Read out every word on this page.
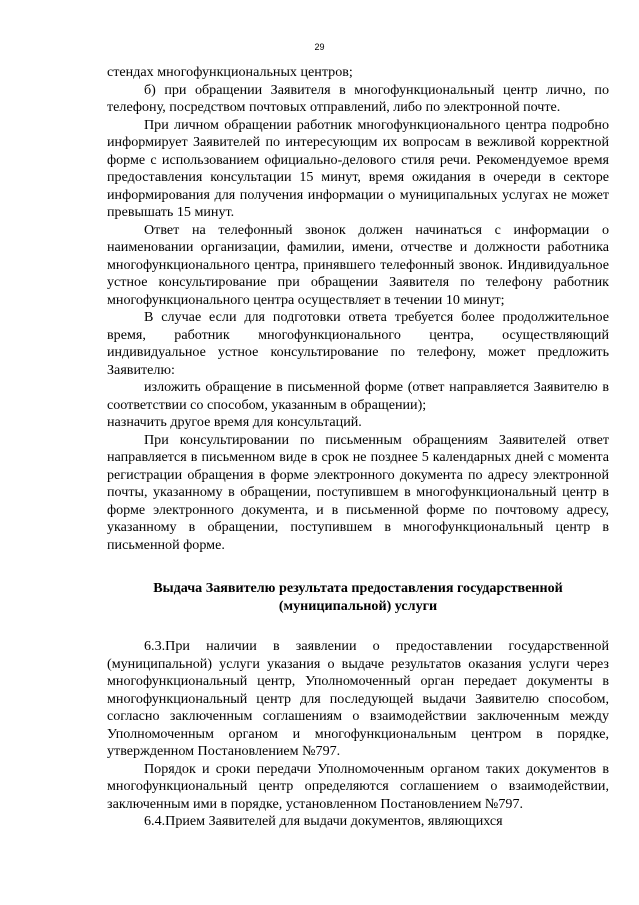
29

стендах многофункциональных центров;

б) при обращении Заявителя в многофункциональный центр лично, по телефону, посредством почтовых отправлений, либо по электронной почте.

При личном обращении работник многофункционального центра подробно информирует Заявителей по интересующим их вопросам в вежливой корректной форме с использованием официально-делового стиля речи. Рекомендуемое время предоставления консультации 15 минут, время ожидания в очереди в секторе информирования для получения информации о муниципальных услугах не может превышать 15 минут.

Ответ на телефонный звонок должен начинаться с информации о наименовании организации, фамилии, имени, отчестве и должности работника многофункционального центра, принявшего телефонный звонок. Индивидуальное устное консультирование при обращении Заявителя по телефону работник многофункционального центра осуществляет в течении 10 минут;

В случае если для подготовки ответа требуется более продолжительное время, работник многофункционального центра, осуществляющий индивидуальное устное консультирование по телефону, может предложить Заявителю:

изложить обращение в письменной форме (ответ направляется Заявителю в соответствии со способом, указанным в обращении);

назначить другое время для консультаций.

При консультировании по письменным обращениям Заявителей ответ направляется в письменном виде в срок не позднее 5 календарных дней с момента регистрации обращения в форме электронного документа по адресу электронной почты, указанному в обращении, поступившем в многофункциональный центр в форме электронного документа, и в письменной форме по почтовому адресу, указанному в обращении, поступившем в многофункциональный центр в письменной форме.

Выдача Заявителю результата предоставления государственной
(муниципальной) услуги

6.3.При наличии в заявлении о предоставлении государственной (муниципальной) услуги указания о выдаче результатов оказания услуги через многофункциональный центр, Уполномоченный орган передает документы в многофункциональный центр для последующей выдачи Заявителю способом, согласно заключенным соглашениям о взаимодействии заключенным между Уполномоченным органом и многофункциональным центром в порядке, утвержденном Постановлением №797.

Порядок и сроки передачи Уполномоченным органом таких документов в многофункциональный центр определяются соглашением о взаимодействии, заключенным ими в порядке, установленном Постановлением №797.

6.4.Прием Заявителей для выдачи документов, являющихся
